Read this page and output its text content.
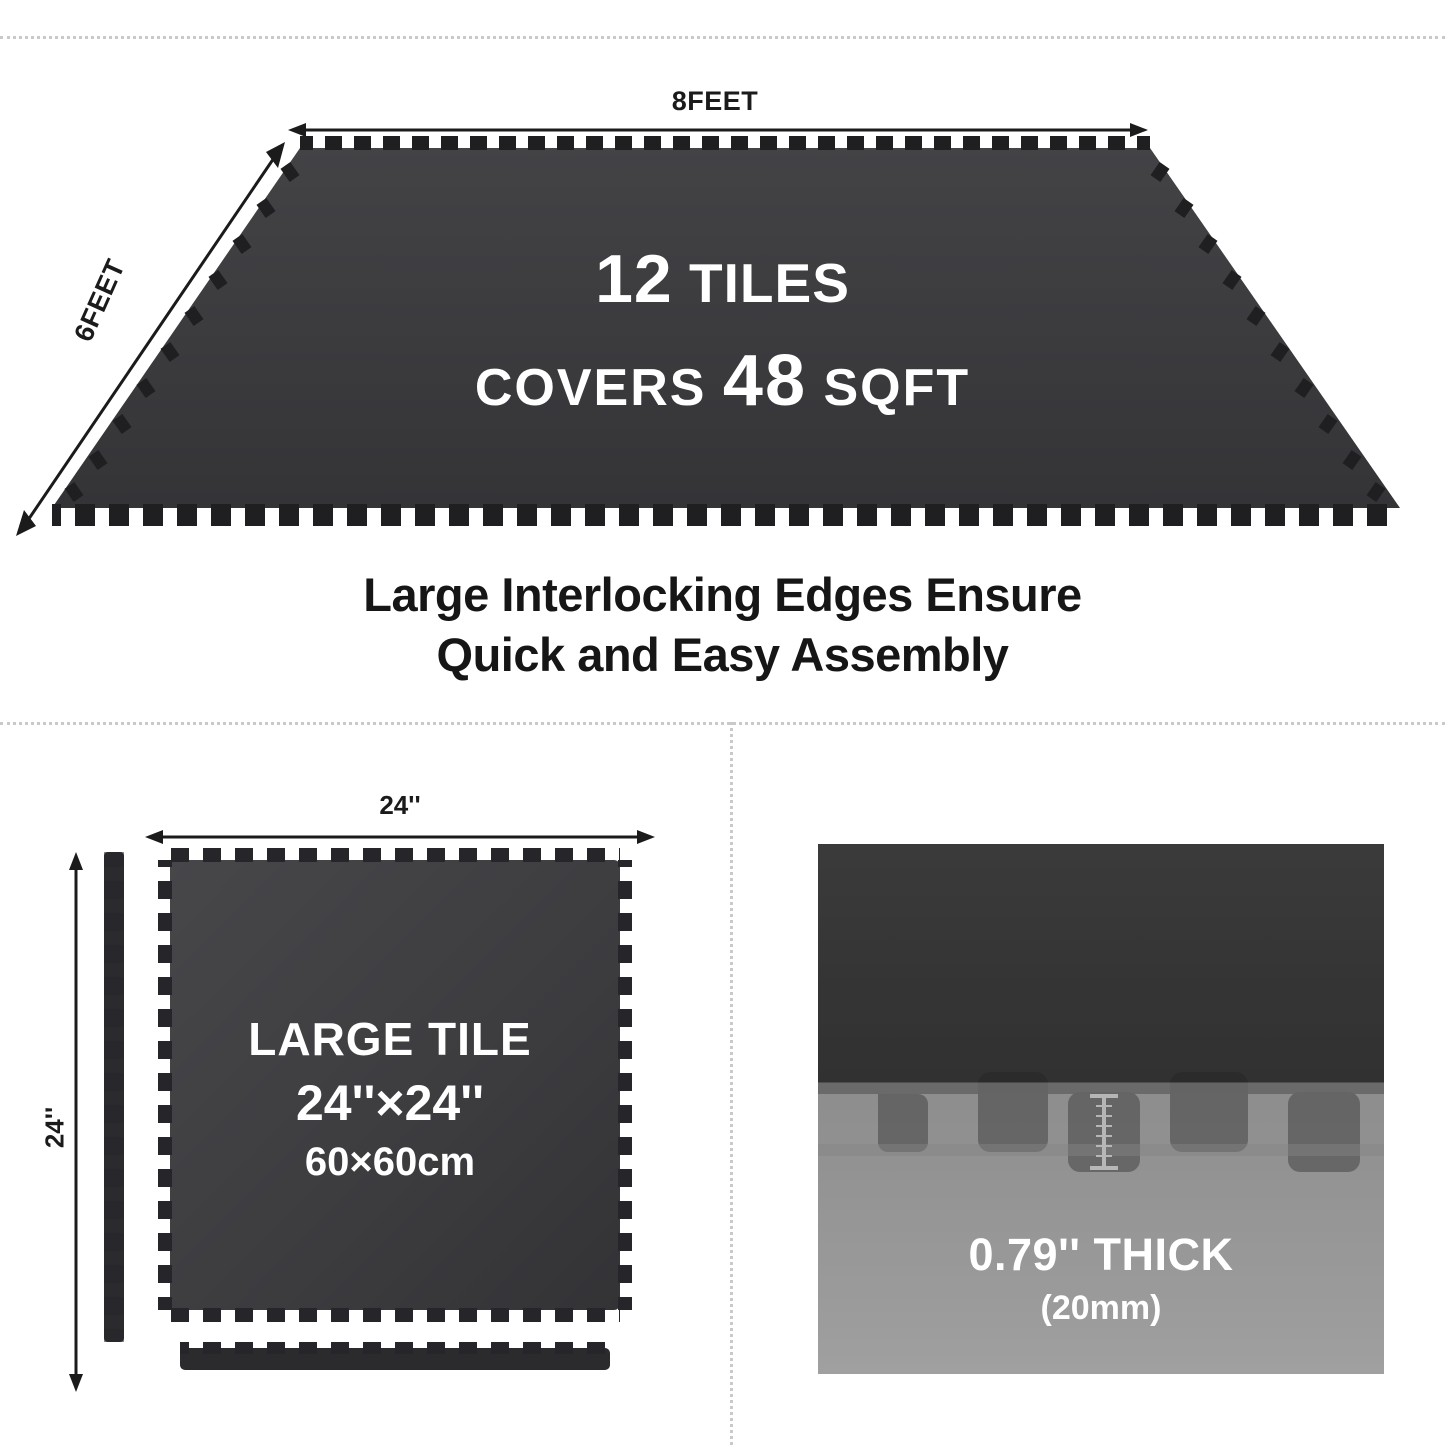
8FEET
6FEET	12 TILES
COVERS 48 SQFT
Large Interlocking Edges Ensure
Quick and Easy Assembly
24''
24''
LARGE TILE
24''×24''
60×60cm
0.79'' THICK
(20mm)
